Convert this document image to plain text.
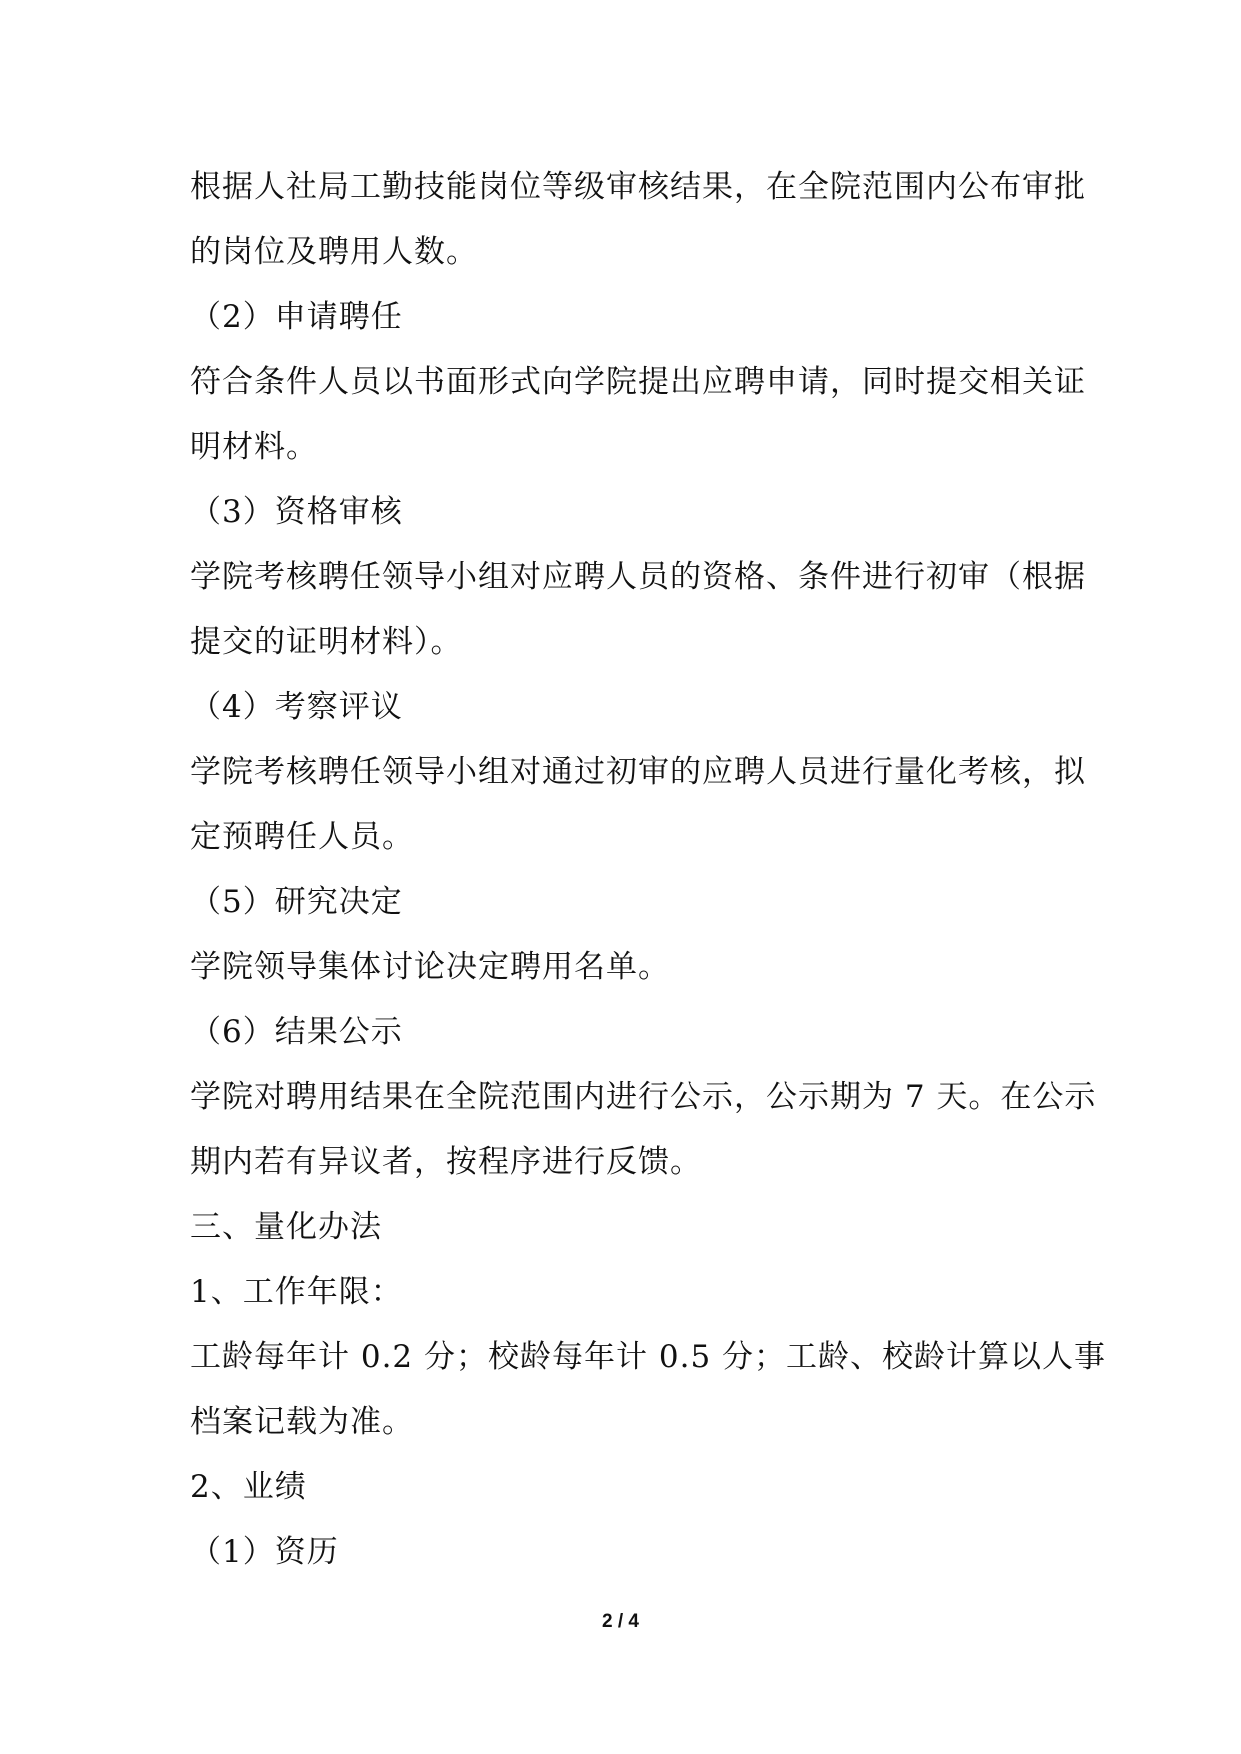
根据人社局工勤技能岗位等级审核结果，在全院范围内公布审批
的岗位及聘用人数。
（2）申请聘任
符合条件人员以书面形式向学院提出应聘申请，同时提交相关证
明材料。
（3）资格审核
学院考核聘任领导小组对应聘人员的资格、条件进行初审（根据
提交的证明材料）。
（4）考察评议
学院考核聘任领导小组对通过初审的应聘人员进行量化考核，拟
定预聘任人员。
（5）研究决定
学院领导集体讨论决定聘用名单。
（6）结果公示
学院对聘用结果在全院范围内进行公示，公示期为 7 天。在公示
期内若有异议者，按程序进行反馈。
三、量化办法
1、工作年限：
工龄每年计 0.2 分；校龄每年计 0.5 分；工龄、校龄计算以人事
档案记载为准。
2、业绩
（1）资历
2 / 4
